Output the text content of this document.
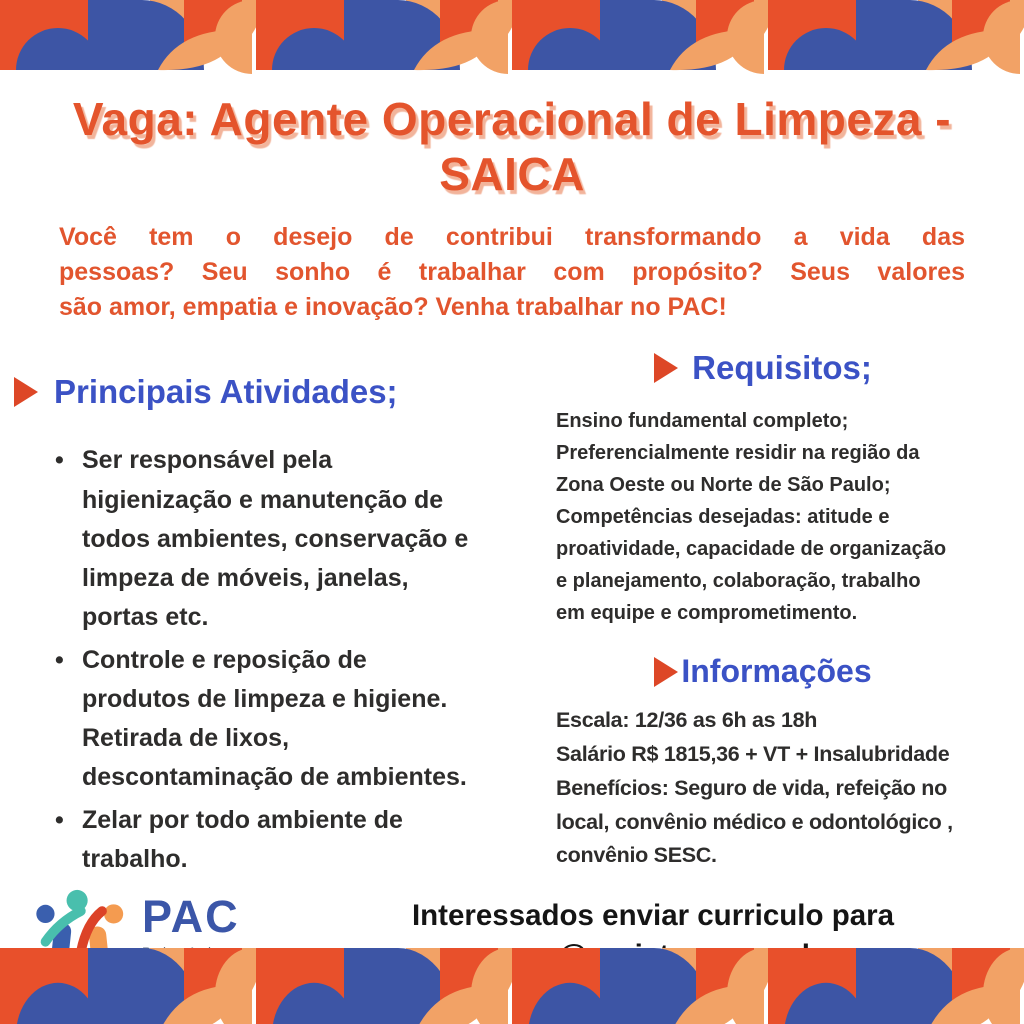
Vaga: Agente Operacional de Limpeza -
SAICA

Você tem o desejo de contribui transformando a vida das
pessoas? Seu sonho é trabalhar com propósito? Seus valores
são amor, empatia e inovação? Venha trabalhar no PAC!

Principais Atividades;
• Ser responsável pela higienização e manutenção de todos ambientes, conservação e limpeza de móveis, janelas, portas etc.
• Controle e reposição de produtos de limpeza e higiene. Retirada de lixos, descontaminação de ambientes.
• Zelar por todo ambiente de trabalho.
Requisitos;
Ensino fundamental completo;
Preferencialmente residir na região da
Zona Oeste ou Norte de São Paulo;
Competências desejadas: atitude e
proatividade, capacidade de organização
e planejamento, colaboração, trabalho
em equipe e comprometimento.
Informações
Escala: 12/36 as 6h as 18h
Salário R$ 1815,36 + VT + Insalubridade
Benefícios: Seguro de vida, refeição no
local, convênio médico e odontológico ,
convênio SESC.
PAC	Interessados enviar curriculo para
